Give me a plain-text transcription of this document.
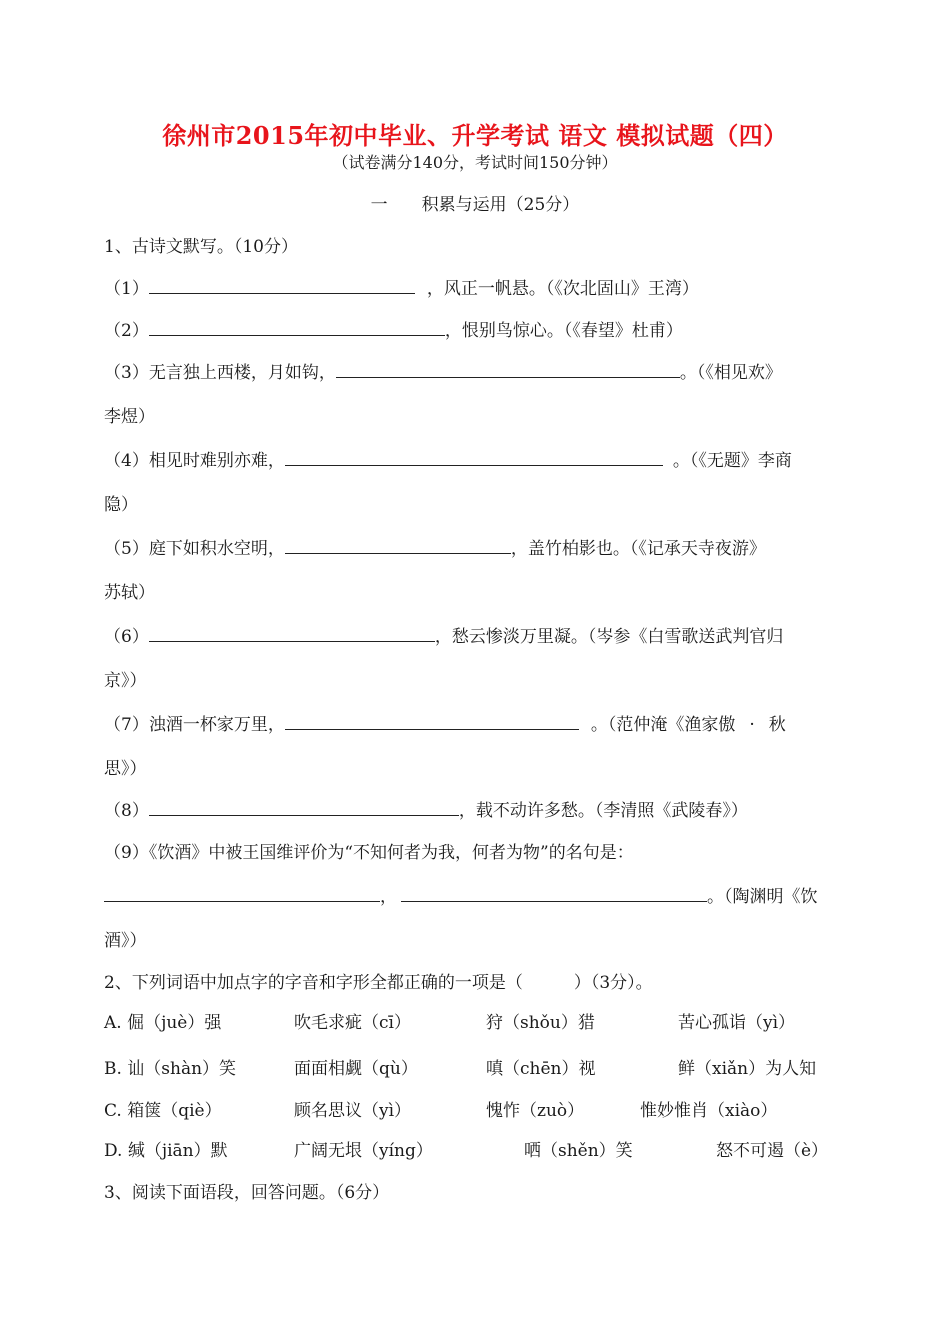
徐州市2015年初中毕业、升学考试 语文 模拟试题（四）
（试卷满分140分，考试时间150分钟）
一　　积累与运用（25分）
1、古诗文默写。（10分）
（1）	，风正一帆悬。（《次北固山》王湾）
（2）	，恨别鸟惊心。（《春望》杜甫）
（3）无言独上西楼，月如钩，	。（《相见欢》
李煜）
（4）相见时难别亦难，	。（《无题》李商
隐）
（5）庭下如积水空明，	，盖竹柏影也。（《记承天寺夜游》
苏轼）
（6）	，愁云惨淡万里凝。（岑参《白雪歌送武判官归
京》）
（7）浊酒一杯家万里，	。（范仲淹《渔家傲 · 秋
思》）
（8）	，载不动许多愁。（李清照《武陵春》）
（9）《饮酒》中被王国维评价为“不知何者为我，何者为物”的名句是：
，	。（陶渊明《饮
酒》）
2、下列词语中加点字的字音和字形全都正确的一项是（　　　）（3分）。
A. 倔（juè）强	吹毛求疵（cī）	狩（shǒu）猎	苦心孤诣（yì）
B. 讪（shàn）笑	面面相觑（qù）	嗔（chēn）视	鲜（xiǎn）为人知
C. 箱箧（qiè）	顾名思议（yì）	愧怍（zuò）	惟妙惟肖（xiào）
D. 缄（jiān）默	广阔无垠（yíng）	哂（shěn）笑	怒不可遏（è）
3、阅读下面语段，回答问题。（6分）
